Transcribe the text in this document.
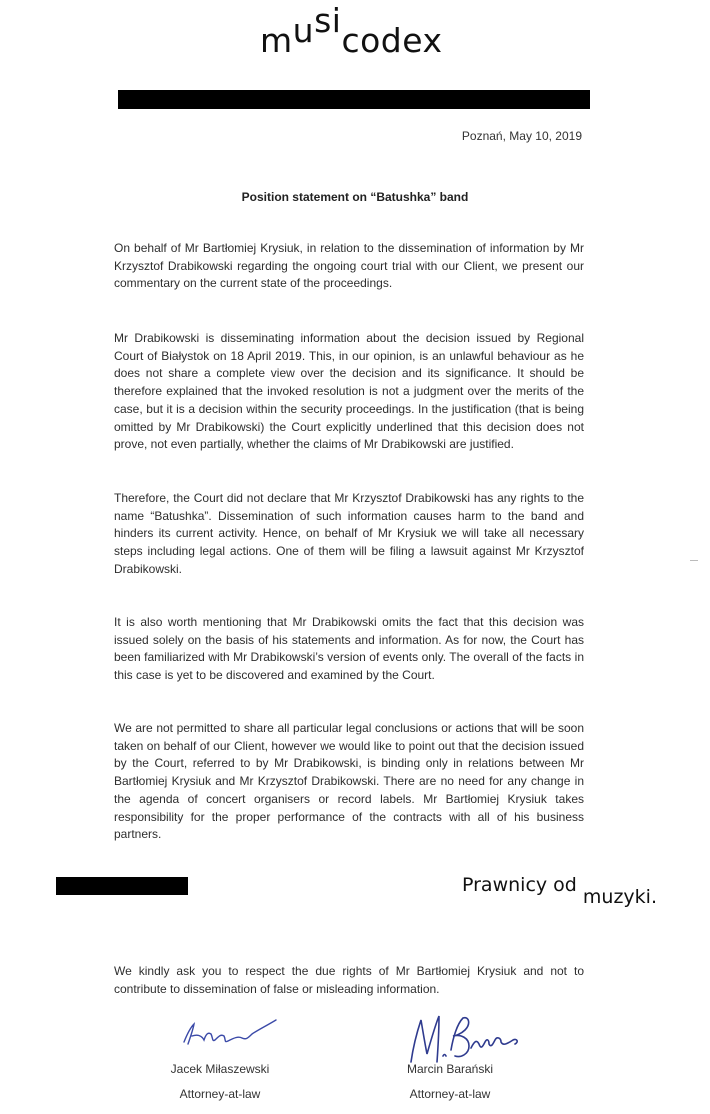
musicodex
Poznań, May 10, 2019
Position statement on “Batushka” band
On behalf of Mr Bartłomiej Krysiuk, in relation to the dissemination of information by Mr Krzysztof Drabikowski regarding the ongoing court trial with our Client, we present our commentary on the current state of the proceedings.
Mr Drabikowski is disseminating information about the decision issued by Regional Court of Białystok on 18 April 2019. This, in our opinion, is an unlawful behaviour as he does not share a complete view over the decision and its significance. It should be therefore explained that the invoked resolution is not a judgment over the merits of the case, but it is a decision within the security proceedings. In the justification (that is being omitted by Mr Drabikowski) the Court explicitly underlined that this decision does not prove, not even partially, whether the claims of Mr Drabikowski are justified.
Therefore, the Court did not declare that Mr Krzysztof Drabikowski has any rights to the name “Batushka”. Dissemination of such information causes harm to the band and hinders its current activity. Hence, on behalf of Mr Krysiuk we will take all necessary steps including legal actions. One of them will be filing a lawsuit against Mr Krzysztof Drabikowski.
It is also worth mentioning that Mr Drabikowski omits the fact that this decision was issued solely on the basis of his statements and information. As for now, the Court has been familiarized with Mr Drabikowski’s version of events only. The overall of the facts in this case is yet to be discovered and examined by the Court.
We are not permitted to share all particular legal conclusions or actions that will be soon taken on behalf of our Client, however we would like to point out that the decision issued by the Court, referred to by Mr Drabikowski, is binding only in relations between Mr Bartłomiej Krysiuk and Mr Krzysztof Drabikowski. There are no need for any change in the agenda of concert organisers or record labels. Mr Bartłomiej Krysiuk takes responsibility for the proper performance of the contracts with all of his business partners.
Prawnicy od muzyki.
We kindly ask you to respect the due rights of Mr Bartłomiej Krysiuk and not to contribute to dissemination of false or misleading information.
Jacek Miłaszewski	Marcin Barański
Attorney-at-law	Attorney-at-law
